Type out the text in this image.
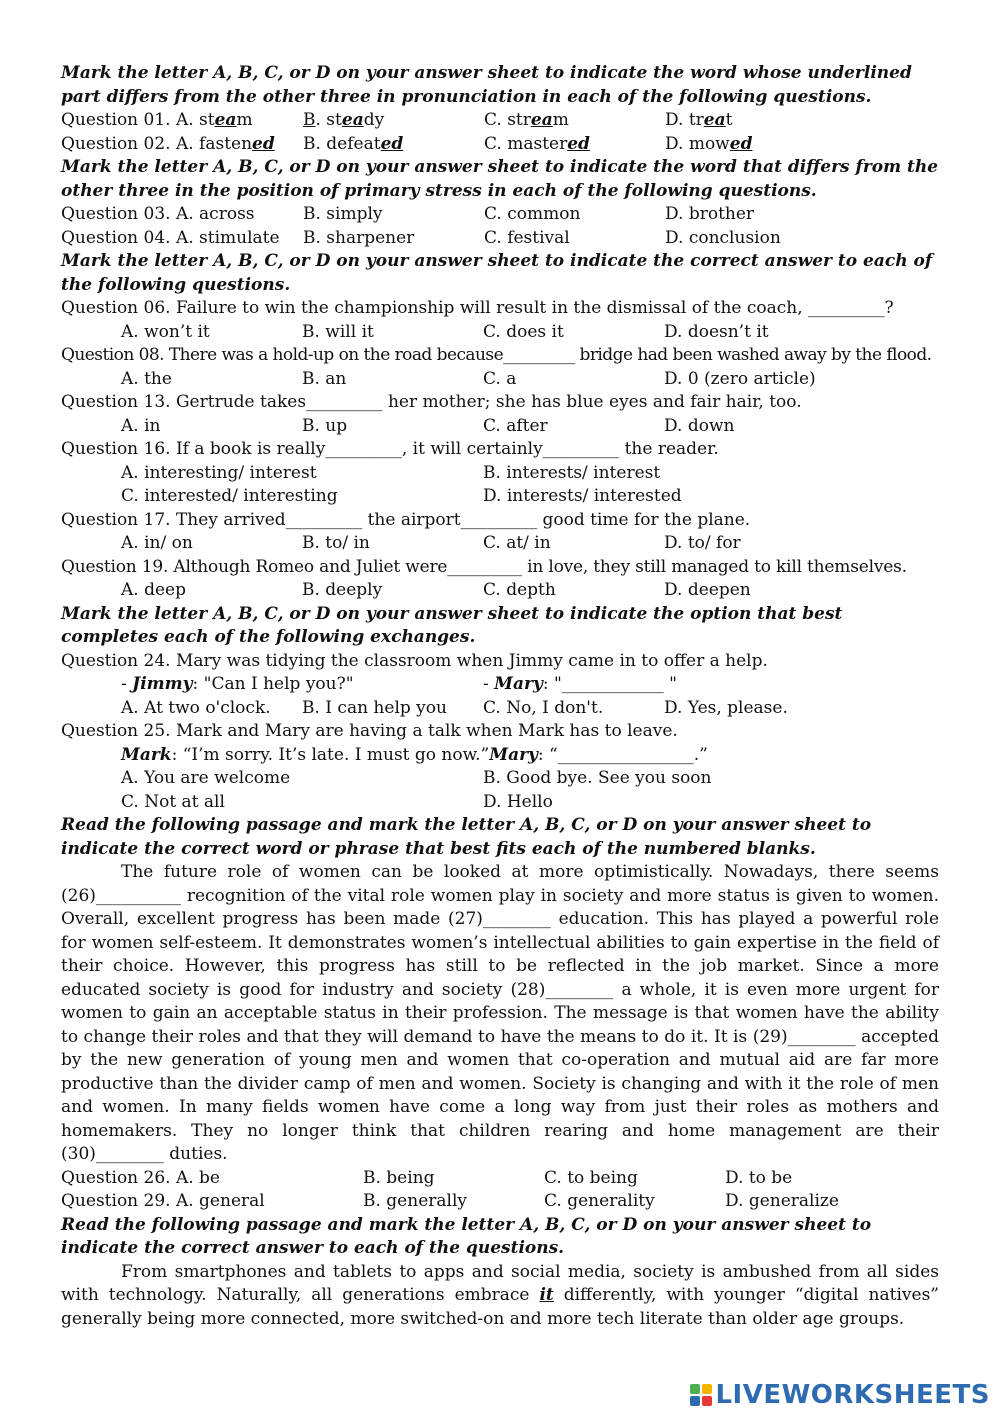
Mark the letter A, B, C, or D on your answer sheet to indicate the word whose underlined part differs from the other three in pronunciation in each of the following questions.
Question 01. A. steam	B. steady	C. stream	D. treat
Question 02. A. fastened	B. defeated	C. mastered	D. mowed
Mark the letter A, B, C, or D on your answer sheet to indicate the word that differs from the other three in the position of primary stress in each of the following questions.
Question 03. A. across	B. simply	C. common	D. brother
Question 04. A. stimulate	B. sharpener	C. festival	D. conclusion
Mark the letter A, B, C, or D on your answer sheet to indicate the correct answer to each of the following questions.
Question 06. Failure to win the championship will result in the dismissal of the coach, _________?
A. won’t it	B. will it	C. does it	D. doesn’t it
Question 08. There was a hold-up on the road because_________ bridge had been washed away by the flood.
A. the	B. an	C. a	D. 0 (zero article)
Question 13. Gertrude takes_________ her mother; she has blue eyes and fair hair, too.
A. in	B. up	C. after	D. down
Question 16. If a book is really_________, it will certainly_________ the reader.
A. interesting/ interest	B. interests/ interest
C. interested/ interesting	D. interests/ interested
Question 17. They arrived_________ the airport_________ good time for the plane.
A. in/ on	B. to/ in	C. at/ in	D. to/ for
Question 19. Although Romeo and Juliet were_________ in love, they still managed to kill themselves.
A. deep	B. deeply	C. depth	D. deepen
Mark the letter A, B, C, or D on your answer sheet to indicate the option that best completes each of the following exchanges.
Question 24. Mary was tidying the classroom when Jimmy came in to offer a help.
- Jimmy: "Can I help you?"	- Mary: "____________ "
A. At two o'clock.	B. I can help you	C. No, I don't.	D. Yes, please.
Question 25. Mark and Mary are having a talk when Mark has to leave.
Mark: “I’m sorry. It’s late. I must go now.” Mary: “________________.”
A. You are welcome	B. Good bye. See you soon
C. Not at all	D. Hello
Read the following passage and mark the letter A, B, C, or D on your answer sheet to indicate the correct word or phrase that best fits each of the numbered blanks.

The future role of women can be looked at more optimistically. Nowadays, there seems (26)__________ recognition of the vital role women play in society and more status is given to women. Overall, excellent progress has been made (27)________ education. This has played a powerful role for women self-esteem. It demonstrates women’s intellectual abilities to gain expertise in the field of their choice. However, this progress has still to be reflected in the job market. Since a more educated society is good for industry and society (28)________ a whole, it is even more urgent for women to gain an acceptable status in their profession. The message is that women have the ability to change their roles and that they will demand to have the means to do it. It is (29)________ accepted by the new generation of young men and women that co-operation and mutual aid are far more productive than the divider camp of men and women. Society is changing and with it the role of men and women. In many fields women have come a long way from just their roles as mothers and homemakers. They no longer think that children rearing and home management are their (30)________ duties.

Question 26. A. be	B. being	C. to being	D. to be
Question 29. A. general	B. generally	C. generality	D. generalize
Read the following passage and mark the letter A, B, C, or D on your answer sheet to indicate the correct answer to each of the questions.

From smartphones and tablets to apps and social media, society is ambushed from all sides with technology. Naturally, all generations embrace it differently, with younger “digital natives” generally being more connected, more switched-on and more tech literate than older age groups.

LIVEWORKSHEETS
